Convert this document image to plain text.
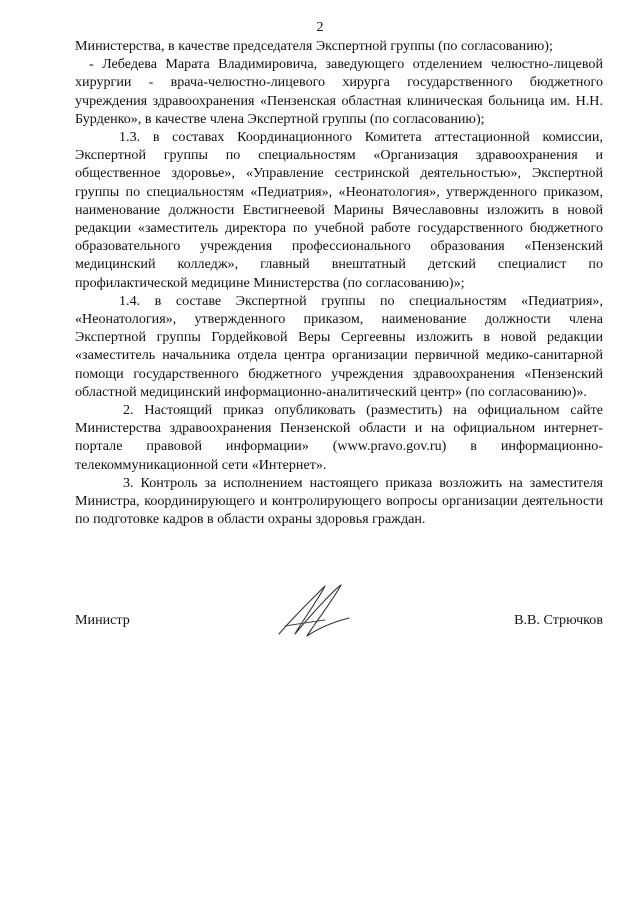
2

Министерства, в качестве председателя Экспертной группы (по согласованию);

- Лебедева Марата Владимировича, заведующего отделением челюстно-лицевой хирургии - врача-челюстно-лицевого хирурга государственного бюджетного учреждения здравоохранения «Пензенская областная клиническая больница им. Н.Н. Бурденко», в качестве члена Экспертной группы (по согласованию);

1.3. в составах Координационного Комитета аттестационной комиссии, Экспертной группы по специальностям «Организация здравоохранения и общественное здоровье», «Управление сестринской деятельностью», Экспертной группы по специальностям «Педиатрия», «Неонатология», утвержденного приказом, наименование должности Евстигнеевой Марины Вячеславовны изложить в новой редакции «заместитель директора по учебной работе государственного бюджетного образовательного учреждения профессионального образования «Пензенский медицинский колледж», главный внештатный детский специалист по профилактической медицине Министерства (по согласованию)»;

1.4. в составе Экспертной группы по специальностям «Педиатрия», «Неонатология», утвержденного приказом, наименование должности члена Экспертной группы Гордейковой Веры Сергеевны изложить в новой редакции «заместитель начальника отдела центра организации первичной медико-санитарной помощи государственного бюджетного учреждения здравоохранения «Пензенский областной медицинский информационно-аналитический центр» (по согласованию)».

2. Настоящий приказ опубликовать (разместить) на официальном сайте Министерства здравоохранения Пензенской области и на официальном интернет-портале правовой информации» (www.pravo.gov.ru) в информационно-телекоммуникационной сети «Интернет».

3. Контроль за исполнением настоящего приказа возложить на заместителя Министра, координирующего и контролирующего вопросы организации деятельности по подготовке кадров в области охраны здоровья граждан.

Министр	В.В. Стрючков
